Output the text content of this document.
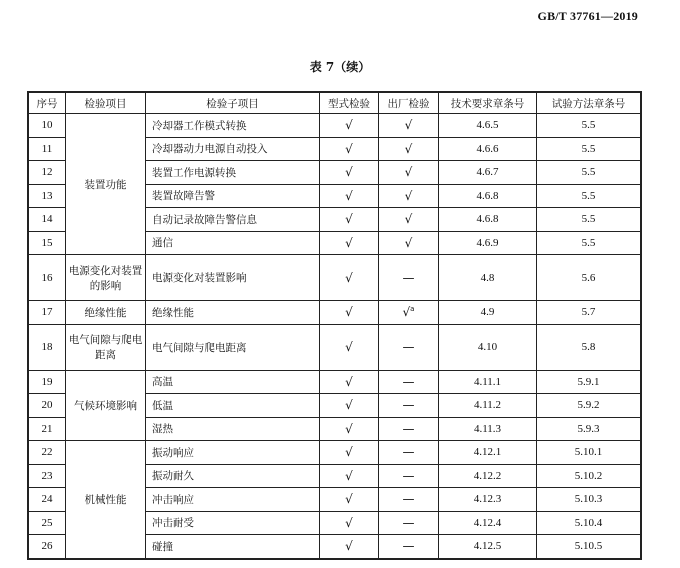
GB/T 37761—2019
表 7（续）
序号	检验项目	检验子项目	型式检验	出厂检验	技术要求章条号	试验方法章条号
10	装置功能	冷却器工作模式转换	√	√	4.6.5	5.5
11		冷却器动力电源自动投入	√	√	4.6.6	5.5
12		装置工作电源转换	√	√	4.6.7	5.5
13		装置故障告警	√	√	4.6.8	5.5
14		自动记录故障告警信息	√	√	4.6.8	5.5
15		通信	√	√	4.6.9	5.5
16	电源变化对装置的影响	电源变化对装置影响	√	—	4.8	5.6
17	绝缘性能	绝缘性能	√	√$^a$	4.9	5.7
18	电气间隙与爬电距离	电气间隙与爬电距离	√	—	4.10	5.8
19	气候环境影响	高温	√	—	4.11.1	5.9.1
20		低温	√	—	4.11.2	5.9.2
21		湿热	√	—	4.11.3	5.9.3
22	机械性能	振动响应	√	—	4.12.1	5.10.1
23		振动耐久	√	—	4.12.2	5.10.2
24		冲击响应	√	—	4.12.3	5.10.3
25		冲击耐受	√	—	4.12.4	5.10.4
26		碰撞	√	—	4.12.5	5.10.5
